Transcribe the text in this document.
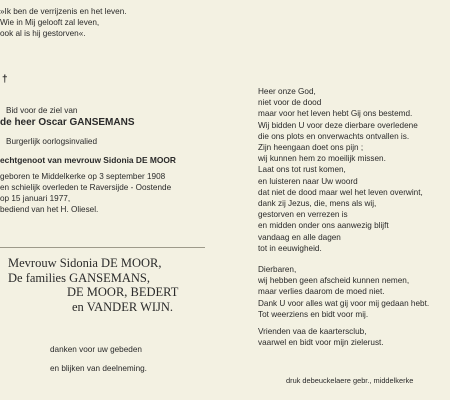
»Ik ben de verrijzenis en het leven.
Wie in Mij gelooft zal leven,
ook al is hij gestorven«.
†
Bid voor de ziel van
de heer Oscar GANSEMANS
Burgerlijk oorlogsinvalied
echtgenoot van mevrouw Sidonia DE MOOR
geboren te Middelkerke op 3 september 1908
en schielijk overleden te Raversijde - Oostende
op 15 januari 1977,
bediend van het H. Oliesel.
Mevrouw Sidonia DE MOOR,
De families GANSEMANS,
DE MOOR, BEDERT
en VANDER WIJN.
danken voor uw gebeden
en blijken van deelneming.
Heer onze God,
niet voor de dood
maar voor het leven hebt Gij ons bestemd.
Wij bidden U voor deze dierbare overledene
die ons plots en onverwachts ontvallen is.
Zijn heengaan doet ons pijn ;
wij kunnen hem zo moeilijk missen.
Laat ons tot rust komen,
en luisteren naar Uw woord
dat niet de dood maar wel het leven overwint,
dank zij Jezus, die, mens als wij,
gestorven en verrezen is
en midden onder ons aanwezig blijft
vandaag en alle dagen
tot in eeuwigheid.
Dierbaren,
wij hebben geen afscheid kunnen nemen,
maar verlies daarom de moed niet.
Dank U voor alles wat gij voor mij gedaan hebt.
Tot weerziens en bidt voor mij.
Vrienden vaa de kaartersclub,
vaarwel en bidt voor mijn zielerust.
druk debeuckelaere gebr., middelkerke
